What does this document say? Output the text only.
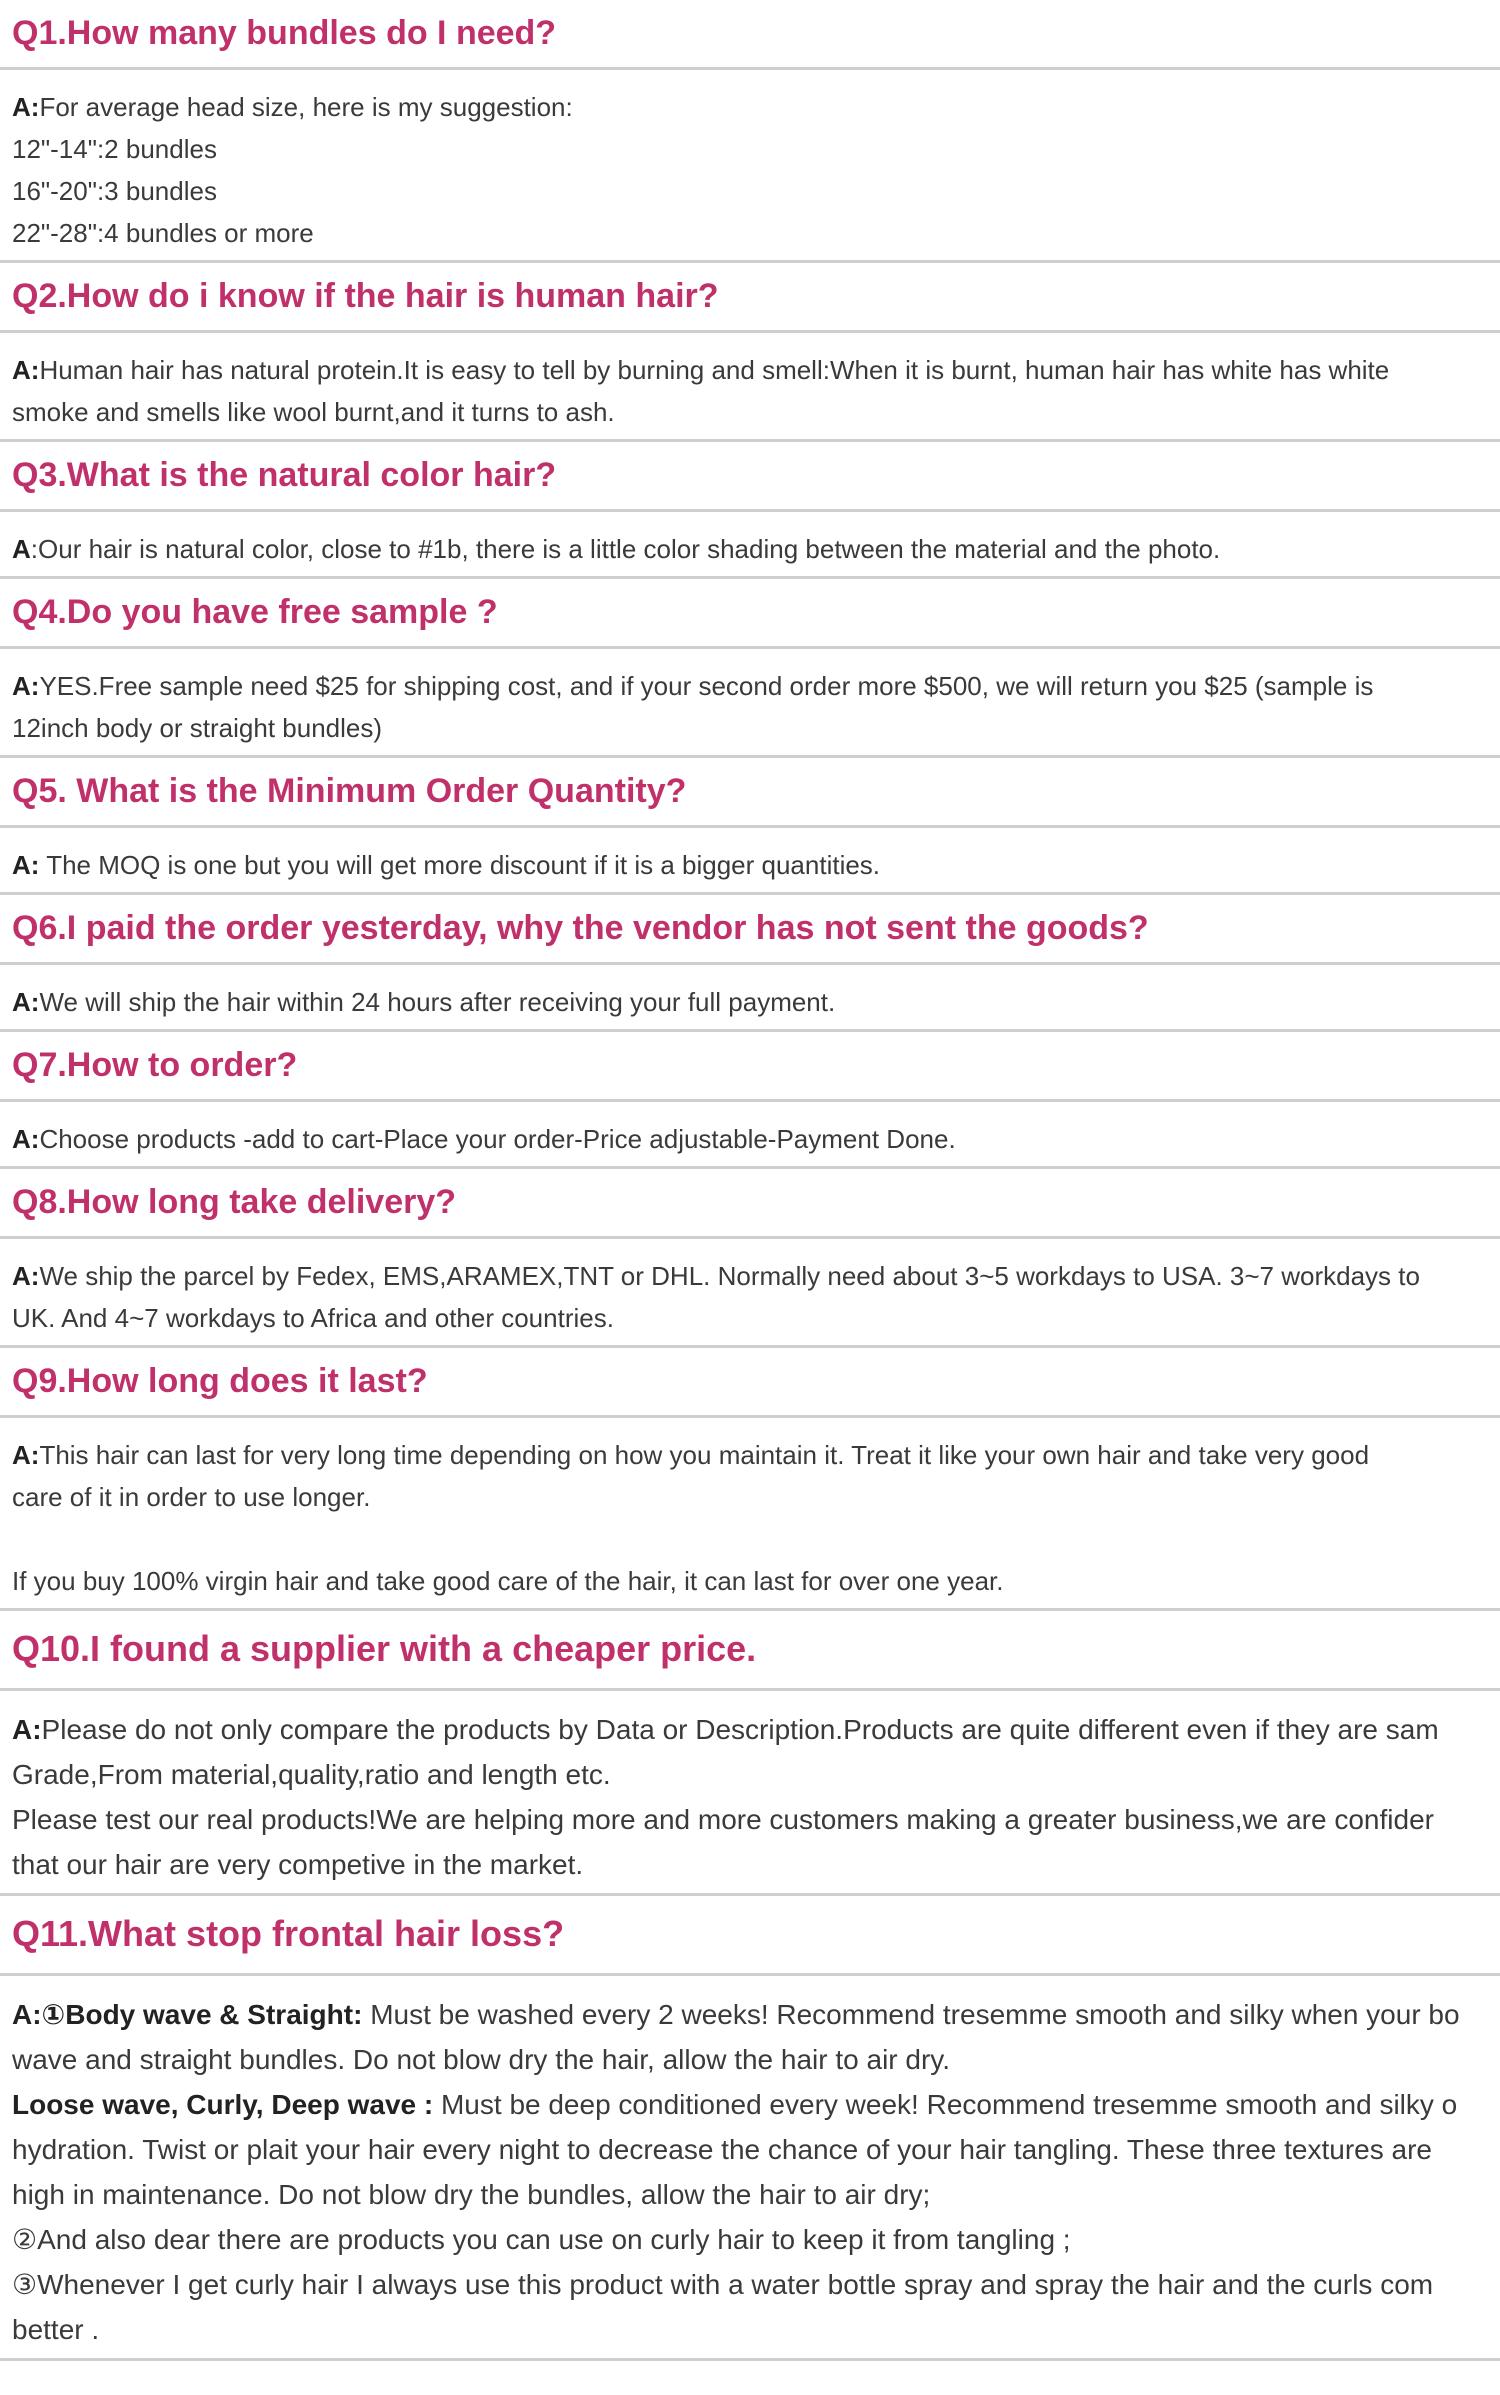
Q1.How many bundles do I need?
A:For average head size, here is my suggestion:
12"-14":2 bundles
16"-20":3 bundles
22"-28":4 bundles or more
Q2.How do i know if the hair is human hair?
A:Human hair has natural protein.It is easy to tell by burning and smell:When it is burnt, human hair has white has white
smoke and smells like wool burnt,and it turns to ash.
Q3.What is the natural color hair?
A:Our hair is natural color, close to #1b, there is a little color shading between the material and the photo.
Q4.Do you have free sample ?
A:YES.Free sample need $25 for shipping cost, and if your second order more $500, we will return you $25 (sample is
12inch body or straight bundles)
Q5. What is the Minimum Order Quantity?
A: The MOQ is one but you will get more discount if it is a bigger quantities.
Q6.I paid the order yesterday, why the vendor has not sent the goods?
A:We will ship the hair within 24 hours after receiving your full payment.
Q7.How to order?
A:Choose products -add to cart-Place your order-Price adjustable-Payment Done.
Q8.How long take delivery?
A:We ship the parcel by Fedex, EMS,ARAMEX,TNT or DHL. Normally need about 3~5 workdays to USA. 3~7 workdays to
UK. And 4~7 workdays to Africa and other countries.
Q9.How long does it last?
A:This hair can last for very long time depending on how you maintain it. Treat it like your own hair and take very good
care of it in order to use longer.
If you buy 100% virgin hair and take good care of the hair, it can last for over one year.
Q10.I found a supplier with a cheaper price.
A:Please do not only compare the products by Data or Description.Products are quite different even if they are sam
Grade,From material,quality,ratio and length etc.
Please test our real products!We are helping more and more customers making a greater business,we are confider
that our hair are very competive in the market.
Q11.What stop frontal hair loss?
A:①Body wave & Straight: Must be washed every 2 weeks! Recommend tresemme smooth and silky when your bo
wave and straight bundles. Do not blow dry the hair, allow the hair to air dry.
Loose wave, Curly, Deep wave : Must be deep conditioned every week! Recommend tresemme smooth and silky o
hydration. Twist or plait your hair every night to decrease the chance of your hair tangling. These three textures are
high in maintenance. Do not blow dry the bundles, allow the hair to air dry;
②And also dear there are products you can use on curly hair to keep it from tangling ;
③Whenever I get curly hair I always use this product with a water bottle spray and spray the hair and the curls com
better .
